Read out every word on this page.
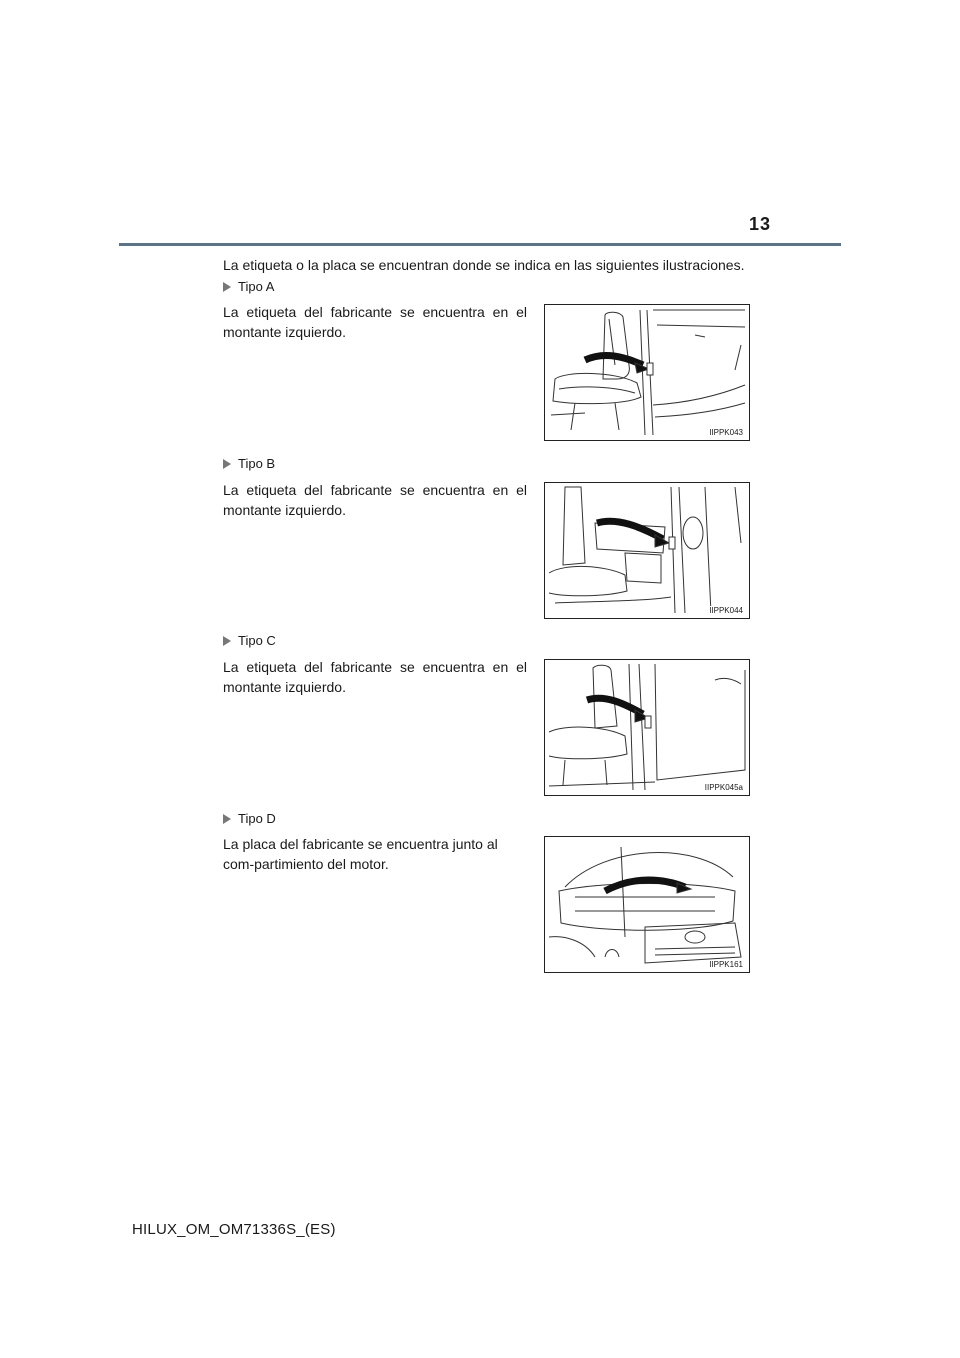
13
La etiqueta o la placa se encuentran donde se indica en las siguientes ilustraciones.
Tipo A
La etiqueta del fabricante se encuentra en el montante izquierdo.
IIPPK043
Tipo B
La etiqueta del fabricante se encuentra en el montante izquierdo.
IIPPK044
Tipo C
La etiqueta del fabricante se encuentra en el montante izquierdo.
IIPPK045a
Tipo D
La placa del fabricante se encuentra junto al com-partimiento del motor.
IIPPK161
HILUX_OM_OM71336S_(ES)
